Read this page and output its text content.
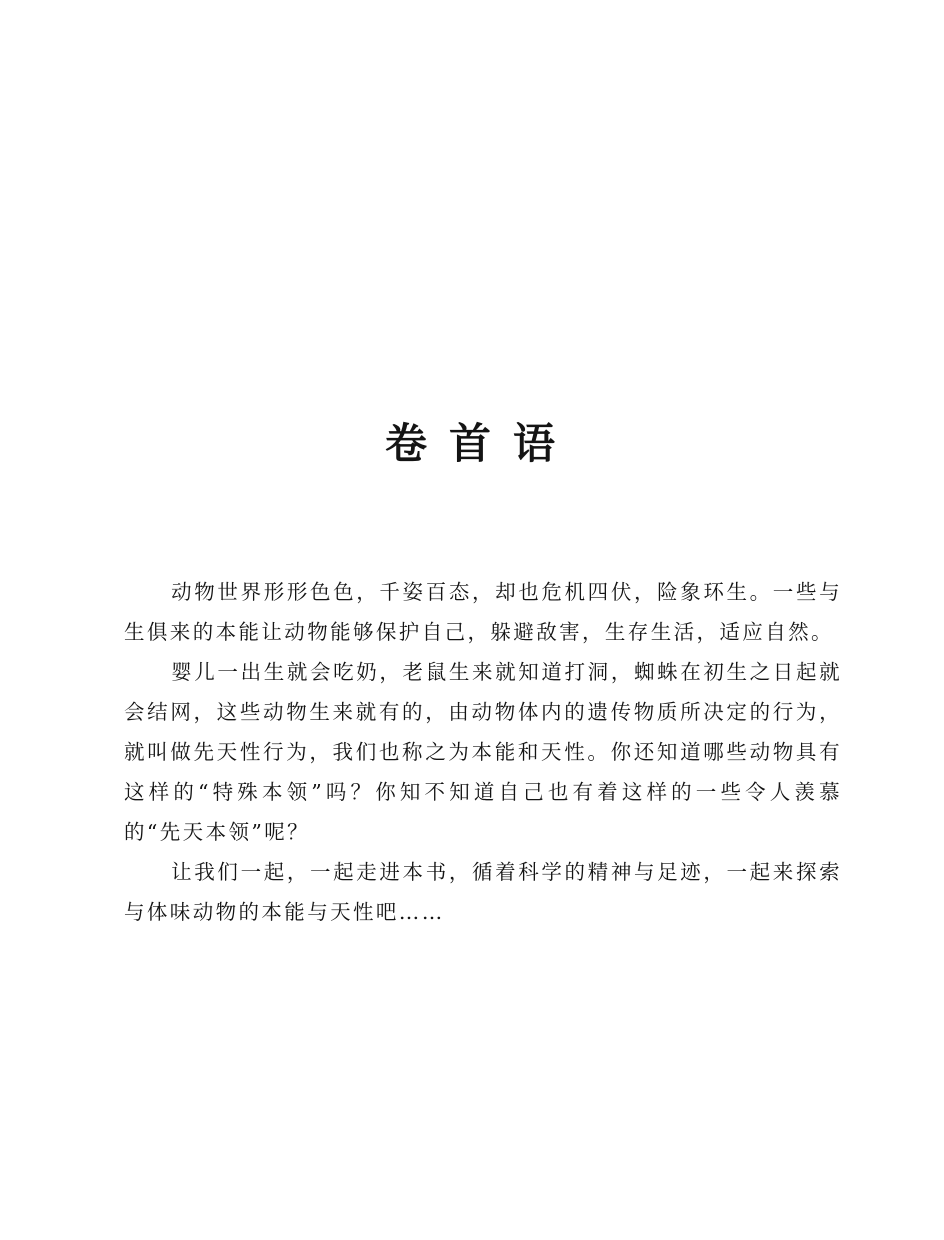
卷首语

动物世界形形色色，千姿百态，却也危机四伏，险象环生。一些与生俱来的本能让动物能够保护自己，躲避敌害，生存生活，适应自然。

婴儿一出生就会吃奶，老鼠生来就知道打洞，蜘蛛在初生之日起就会结网，这些动物生来就有的，由动物体内的遗传物质所决定的行为，就叫做先天性行为，我们也称之为本能和天性。你还知道哪些动物具有这样的“特殊本领”吗？你知不知道自己也有着这样的一些令人羡慕的“先天本领”呢？

让我们一起，一起走进本书，循着科学的精神与足迹，一起来探索与体味动物的本能与天性吧……
